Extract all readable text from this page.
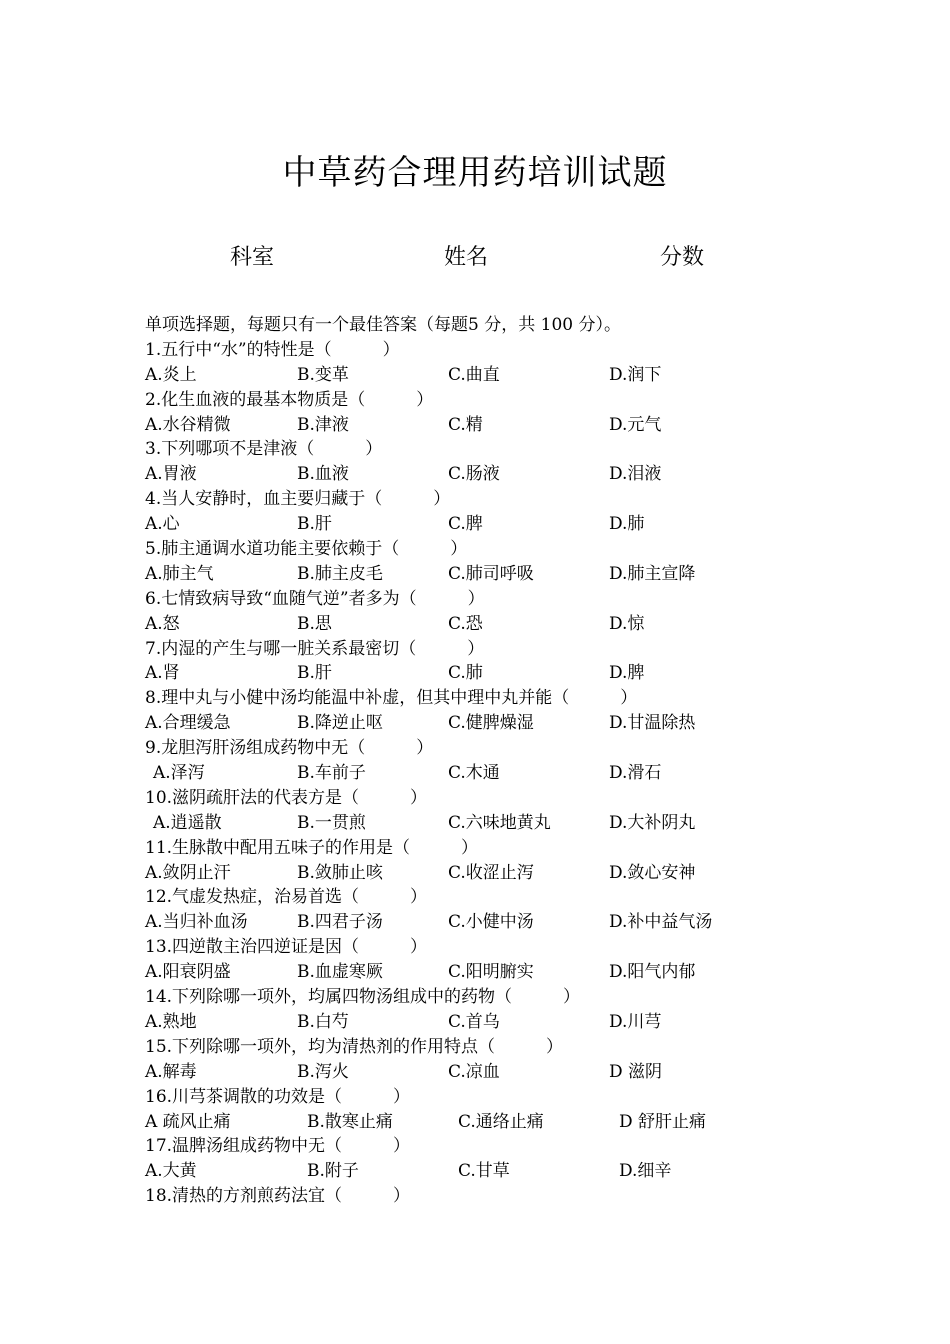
中草药合理用药培训试题
科室	姓名	分数
单项选择题，每题只有一个最佳答案（每题5 分，共 100 分）。
1.五行中“水”的特性是（　　　）
A.炎上	B.变革	C.曲直	D.润下
2.化生血液的最基本物质是（　　　）
A.水谷精微	B.津液	C.精	D.元气
3.下列哪项不是津液（　　　）
A.胃液	B.血液	C.肠液	D.泪液
4.当人安静时，血主要归藏于（　　　）
A.心	B.肝	C.脾	D.肺
5.肺主通调水道功能主要依赖于（　　　）
A.肺主气	B.肺主皮毛	C.肺司呼吸	D.肺主宣降
6.七情致病导致“血随气逆”者多为（　　　）
A.怒	B.思	C.恐	D.惊
7.内湿的产生与哪一脏关系最密切（　　　）
A.肾	B.肝	C.肺	D.脾
8.理中丸与小健中汤均能温中补虚，但其中理中丸并能（　　　）
A.合理缓急	B.降逆止呕	C.健脾燥湿	D.甘温除热
9.龙胆泻肝汤组成药物中无（　　　）
A.泽泻	B.车前子	C.木通	D.滑石
10.滋阴疏肝法的代表方是（　　　）
A.逍遥散	B.一贯煎	C.六味地黄丸	D.大补阴丸
11.生脉散中配用五味子的作用是（　　　）
A.敛阴止汗	B.敛肺止咳	C.收涩止泻	D.敛心安神
12.气虚发热症，治易首选（　　　）
A.当归补血汤	B.四君子汤	C.小健中汤	D.补中益气汤
13.四逆散主治四逆证是因（　　　）
A.阳衰阴盛	B.血虚寒厥	C.阳明腑实	D.阳气内郁
14.下列除哪一项外，均属四物汤组成中的药物（　　　）
A.熟地	B.白芍	C.首乌	D.川芎
15.下列除哪一项外，均为清热剂的作用特点（　　　）
A.解毒	B.泻火	C.凉血	D 滋阴
16.川芎茶调散的功效是（　　　）
A 疏风止痛	B.散寒止痛	C.通络止痛	D 舒肝止痛
17.温脾汤组成药物中无（　　　）
A.大黄	B.附子	C.甘草	D.细辛
18.清热的方剂煎药法宜（　　　）
